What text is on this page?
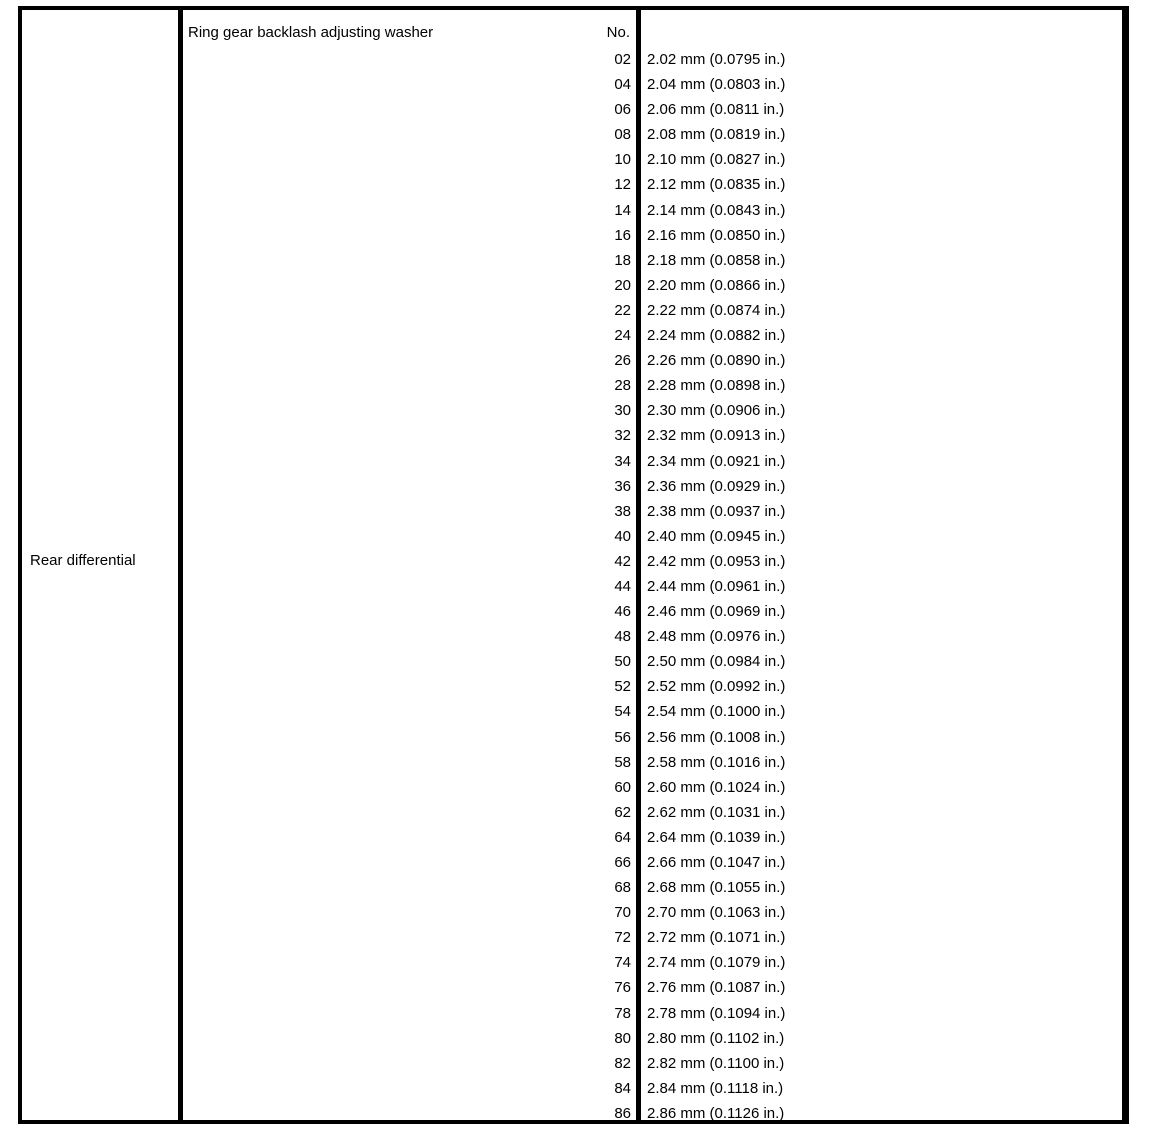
Rear differential
Ring gear backlash adjusting washer	No.
02 2.02 mm (0.0795 in.)
04 2.04 mm (0.0803 in.)
06 2.06 mm (0.0811 in.)
08 2.08 mm (0.0819 in.)
10 2.10 mm (0.0827 in.)
12 2.12 mm (0.0835 in.)
14 2.14 mm (0.0843 in.)
16 2.16 mm (0.0850 in.)
18 2.18 mm (0.0858 in.)
20 2.20 mm (0.0866 in.)
22 2.22 mm (0.0874 in.)
24 2.24 mm (0.0882 in.)
26 2.26 mm (0.0890 in.)
28 2.28 mm (0.0898 in.)
30 2.30 mm (0.0906 in.)
32 2.32 mm (0.0913 in.)
34 2.34 mm (0.0921 in.)
36 2.36 mm (0.0929 in.)
38 2.38 mm (0.0937 in.)
40 2.40 mm (0.0945 in.)
42 2.42 mm (0.0953 in.)
44 2.44 mm (0.0961 in.)
46 2.46 mm (0.0969 in.)
48 2.48 mm (0.0976 in.)
50 2.50 mm (0.0984 in.)
52 2.52 mm (0.0992 in.)
54 2.54 mm (0.1000 in.)
56 2.56 mm (0.1008 in.)
58 2.58 mm (0.1016 in.)
60 2.60 mm (0.1024 in.)
62 2.62 mm (0.1031 in.)
64 2.64 mm (0.1039 in.)
66 2.66 mm (0.1047 in.)
68 2.68 mm (0.1055 in.)
70 2.70 mm (0.1063 in.)
72 2.72 mm (0.1071 in.)
74 2.74 mm (0.1079 in.)
76 2.76 mm (0.1087 in.)
78 2.78 mm (0.1094 in.)
80 2.80 mm (0.1102 in.)
82 2.82 mm (0.1100 in.)
84 2.84 mm (0.1118 in.)
86 2.86 mm (0.1126 in.)
